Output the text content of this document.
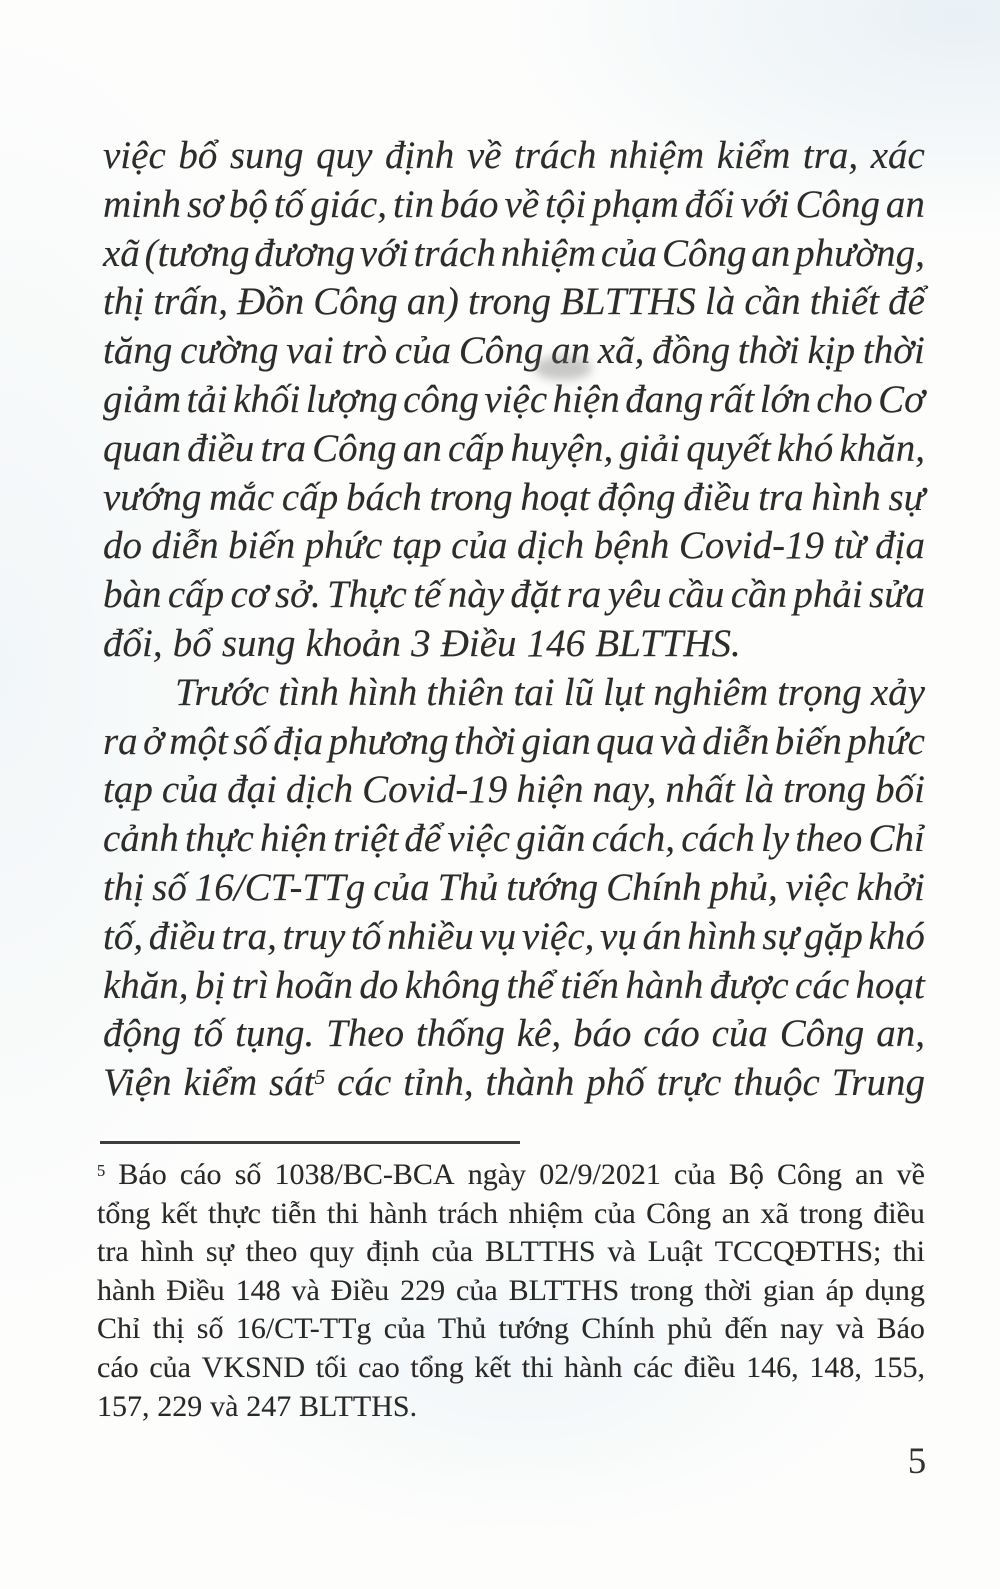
việc bổ sung quy định về trách nhiệm kiểm tra, xác
minh sơ bộ tố giác, tin báo về tội phạm đối với Công an
xã (tương đương với trách nhiệm của Công an phường,
thị trấn, Đồn Công an) trong BLTTHS là cần thiết để
tăng cường vai trò của Công an xã, đồng thời kịp thời
giảm tải khối lượng công việc hiện đang rất lớn cho Cơ
quan điều tra Công an cấp huyện, giải quyết khó khăn,
vướng mắc cấp bách trong hoạt động điều tra hình sự
do diễn biến phức tạp của dịch bệnh Covid-19 từ địa
bàn cấp cơ sở. Thực tế này đặt ra yêu cầu cần phải sửa
đổi, bổ sung khoản 3 Điều 146 BLTTHS.
Trước tình hình thiên tai lũ lụt nghiêm trọng xảy
ra ở một số địa phương thời gian qua và diễn biến phức
tạp của đại dịch Covid-19 hiện nay, nhất là trong bối
cảnh thực hiện triệt để việc giãn cách, cách ly theo Chỉ
thị số 16/CT-TTg của Thủ tướng Chính phủ, việc khởi
tố, điều tra, truy tố nhiều vụ việc, vụ án hình sự gặp khó
khăn, bị trì hoãn do không thể tiến hành được các hoạt
động tố tụng. Theo thống kê, báo cáo của Công an,
Viện kiểm sát$^5$ các tỉnh, thành phố trực thuộc Trung
$^5$ Báo cáo số 1038/BC-BCA ngày 02/9/2021 của Bộ Công an về
tổng kết thực tiễn thi hành trách nhiệm của Công an xã trong điều
tra hình sự theo quy định của BLTTHS và Luật TCCQĐTHS; thi
hành Điều 148 và Điều 229 của BLTTHS trong thời gian áp dụng
Chỉ thị số 16/CT-TTg của Thủ tướng Chính phủ đến nay và Báo
cáo của VKSND tối cao tổng kết thi hành các điều 146, 148, 155,
157, 229 và 247 BLTTHS.
5
